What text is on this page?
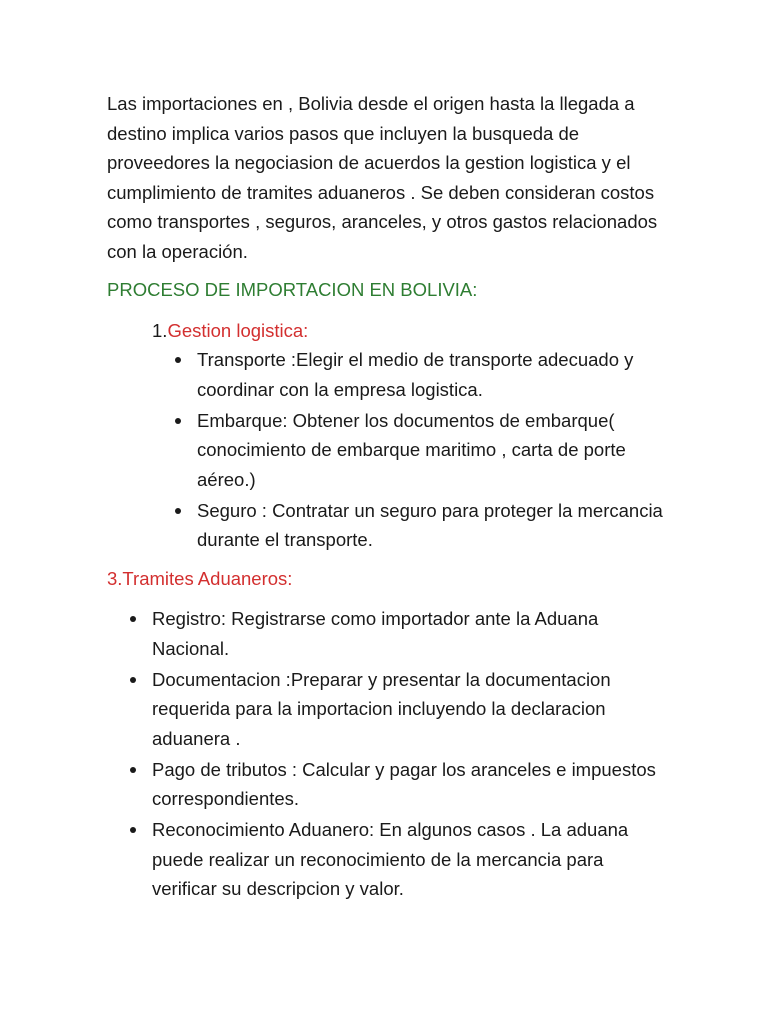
Las importaciones en , Bolivia desde el origen hasta la llegada a destino implica varios pasos que incluyen la busqueda de proveedores la negociasion de acuerdos la gestion logistica y el cumplimiento de tramites aduaneros . Se deben consideran costos como transportes , seguros, aranceles, y otros gastos relacionados con la operación.

PROCESO DE IMPORTACION EN BOLIVIA:

1.Gestion logistica:

Transporte :Elegir el medio de transporte adecuado y coordinar con la empresa logistica.
Embarque: Obtener los documentos de embarque( conocimiento de embarque maritimo , carta de porte aéreo.)
Seguro : Contratar un seguro para proteger la mercancia durante el transporte.

3.Tramites Aduaneros:

Registro: Registrarse como importador ante la Aduana Nacional.
Documentacion :Preparar y presentar la documentacion requerida para la importacion incluyendo la declaracion aduanera .
Pago de tributos : Calcular y pagar los aranceles e impuestos correspondientes.
Reconocimiento Aduanero: En algunos casos . La aduana puede realizar un reconocimiento de la mercancia para verificar su descripcion y valor.
